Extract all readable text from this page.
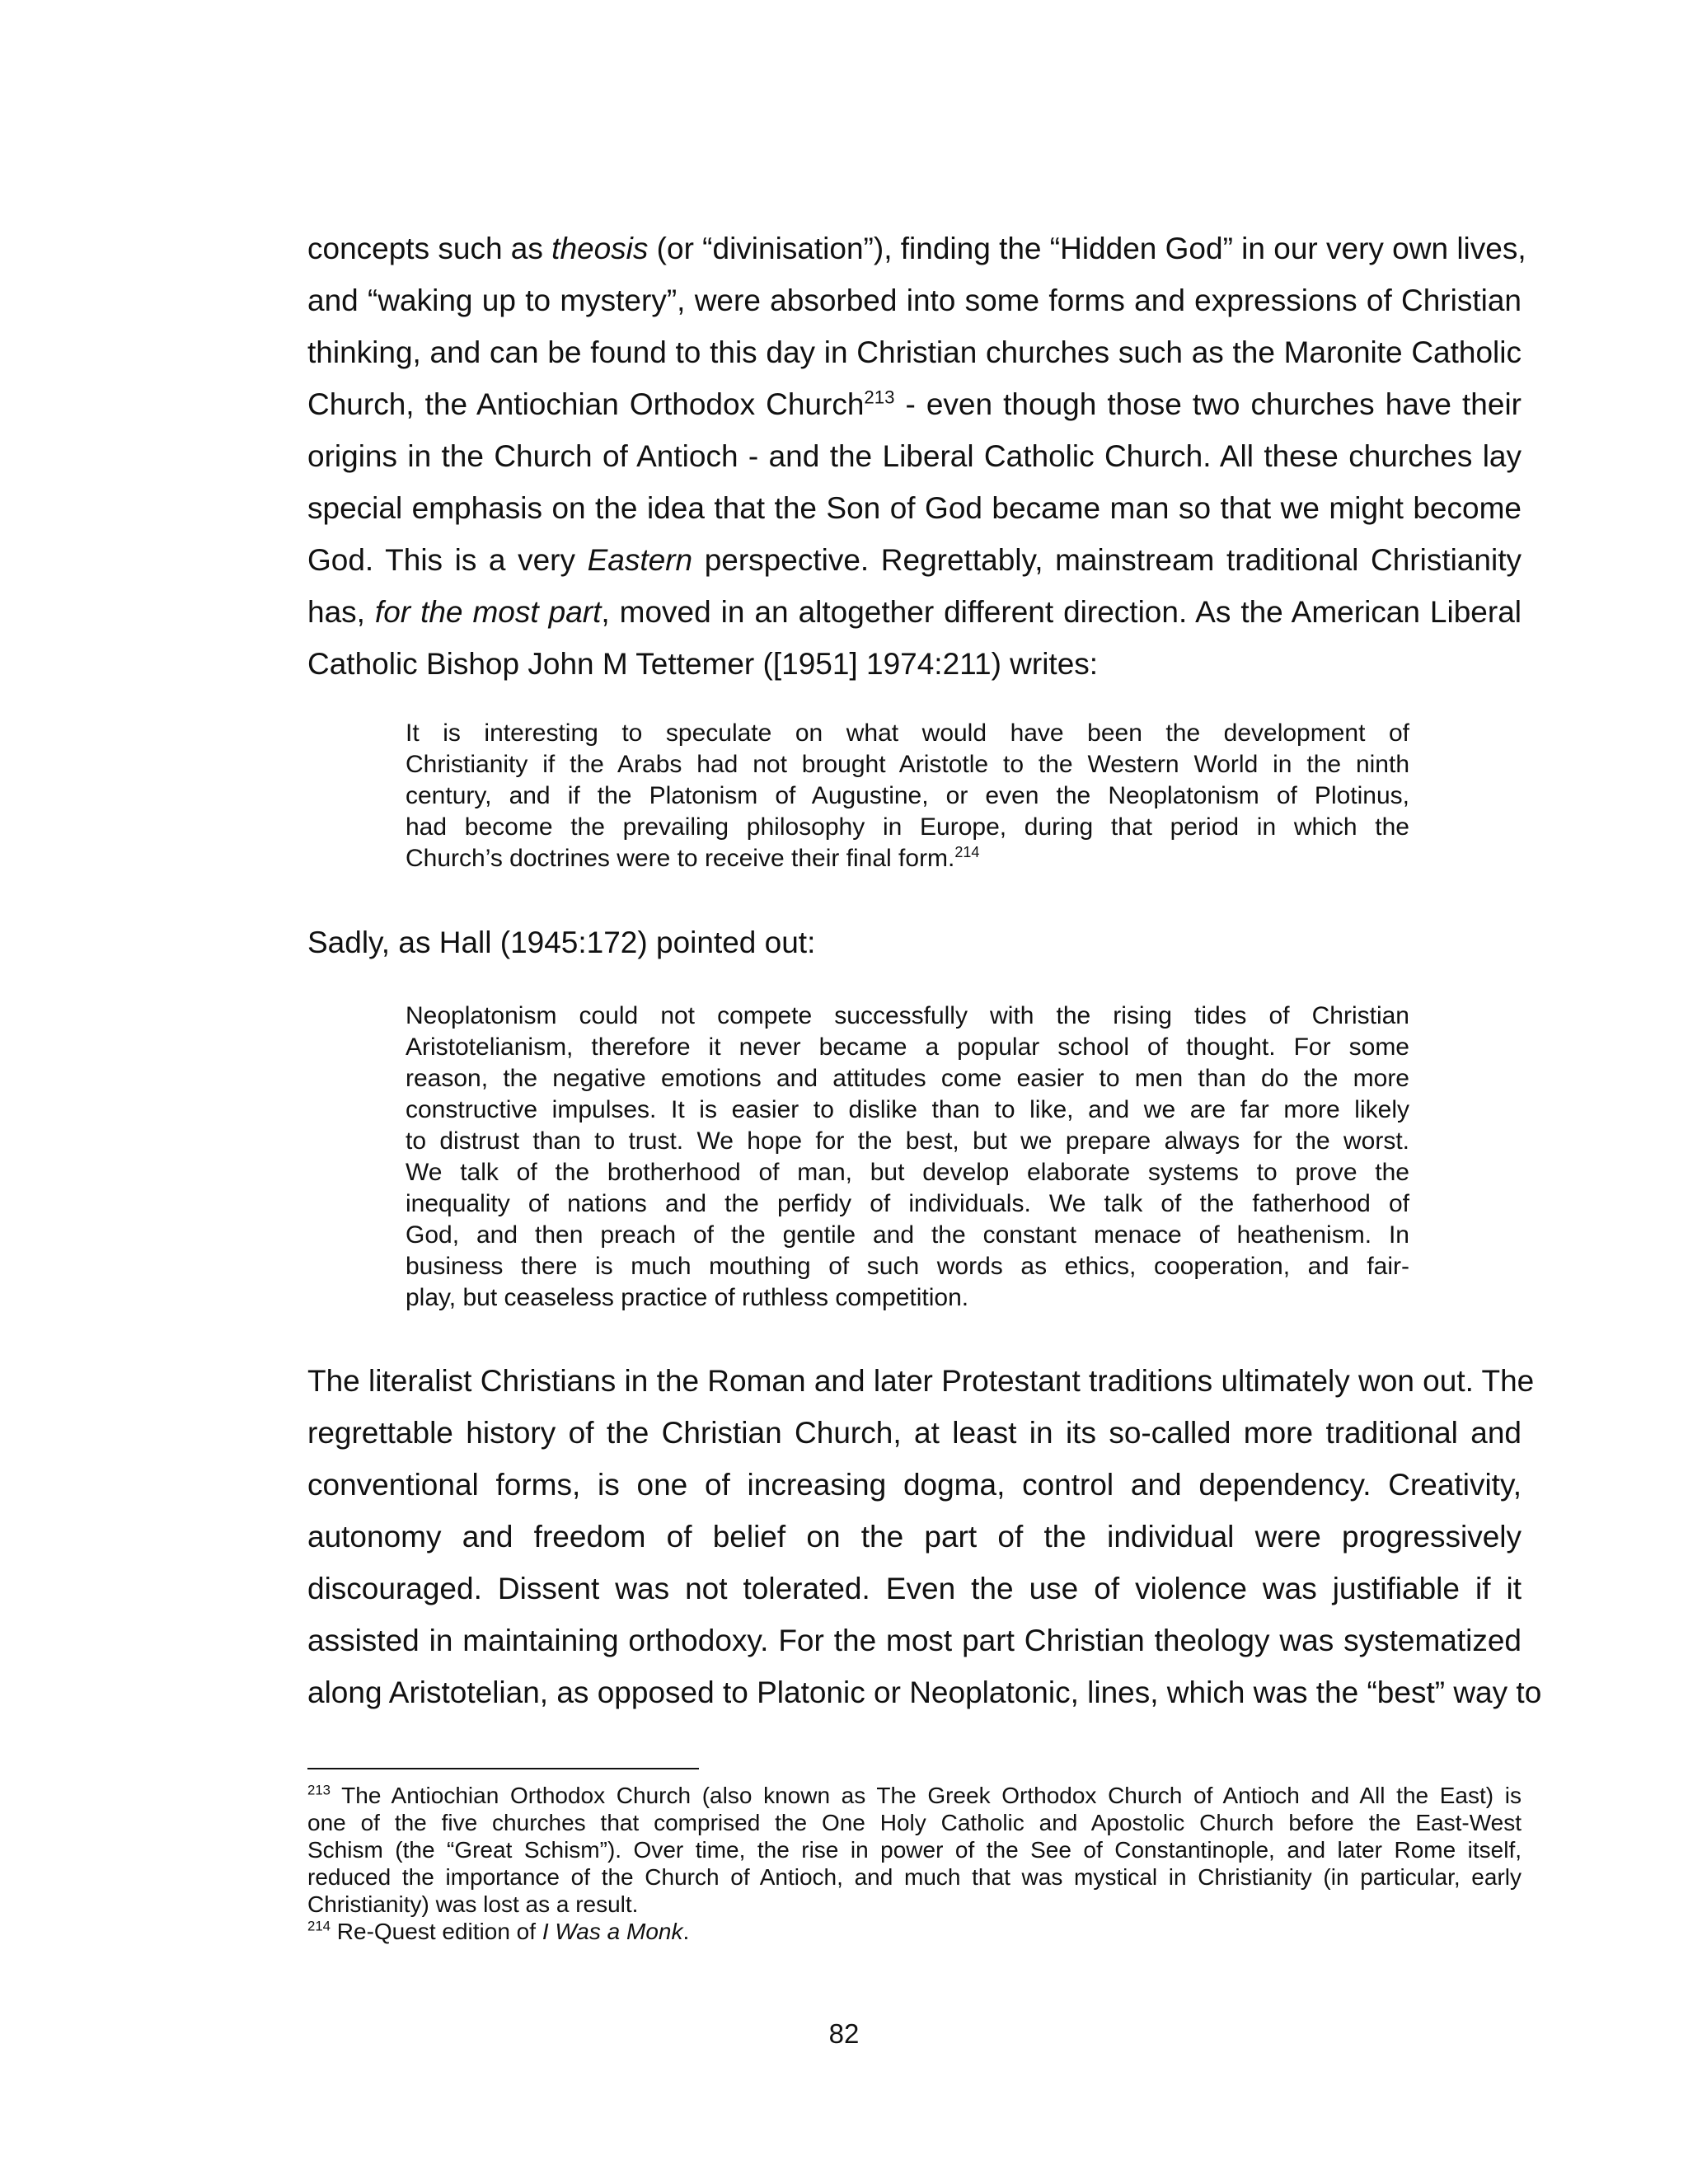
concepts such as theosis (or “divinisation”), finding the “Hidden God” in our very own lives,
and “waking up to mystery”, were absorbed into some forms and expressions of Christian
thinking, and can be found to this day in Christian churches such as the Maronite Catholic
Church, the Antiochian Orthodox Church$^{213}$ - even though those two churches have their
origins in the Church of Antioch - and the Liberal Catholic Church. All these churches lay
special emphasis on the idea that the Son of God became man so that we might become
God. This is a very Eastern perspective. Regrettably, mainstream traditional Christianity
has, for the most part, moved in an altogether different direction. As the American Liberal
Catholic Bishop John M Tettemer ([1951] 1974:211) writes:
It is interesting to speculate on what would have been the development of
Christianity if the Arabs had not brought Aristotle to the Western World in the ninth
century, and if the Platonism of Augustine, or even the Neoplatonism of Plotinus,
had become the prevailing philosophy in Europe, during that period in which the
Church’s doctrines were to receive their final form.$^{214}$
Sadly, as Hall (1945:172) pointed out:
Neoplatonism could not compete successfully with the rising tides of Christian
Aristotelianism, therefore it never became a popular school of thought. For some
reason, the negative emotions and attitudes come easier to men than do the more
constructive impulses. It is easier to dislike than to like, and we are far more likely
to distrust than to trust. We hope for the best, but we prepare always for the worst.
We talk of the brotherhood of man, but develop elaborate systems to prove the
inequality of nations and the perfidy of individuals. We talk of the fatherhood of
God, and then preach of the gentile and the constant menace of heathenism. In
business there is much mouthing of such words as ethics, cooperation, and fair-
play, but ceaseless practice of ruthless competition.
The literalist Christians in the Roman and later Protestant traditions ultimately won out. The
regrettable history of the Christian Church, at least in its so-called more traditional and
conventional forms, is one of increasing dogma, control and dependency. Creativity,
autonomy and freedom of belief on the part of the individual were progressively
discouraged. Dissent was not tolerated. Even the use of violence was justifiable if it
assisted in maintaining orthodoxy. For the most part Christian theology was systematized
along Aristotelian, as opposed to Platonic or Neoplatonic, lines, which was the “best” way to
$^{213}$ The Antiochian Orthodox Church (also known as The Greek Orthodox Church of Antioch and All the East) is
one of the five churches that comprised the One Holy Catholic and Apostolic Church before the East-West
Schism (the “Great Schism”). Over time, the rise in power of the See of Constantinople, and later Rome itself,
reduced the importance of the Church of Antioch, and much that was mystical in Christianity (in particular, early
Christianity) was lost as a result.
$^{214}$ Re-Quest edition of I Was a Monk.
82
